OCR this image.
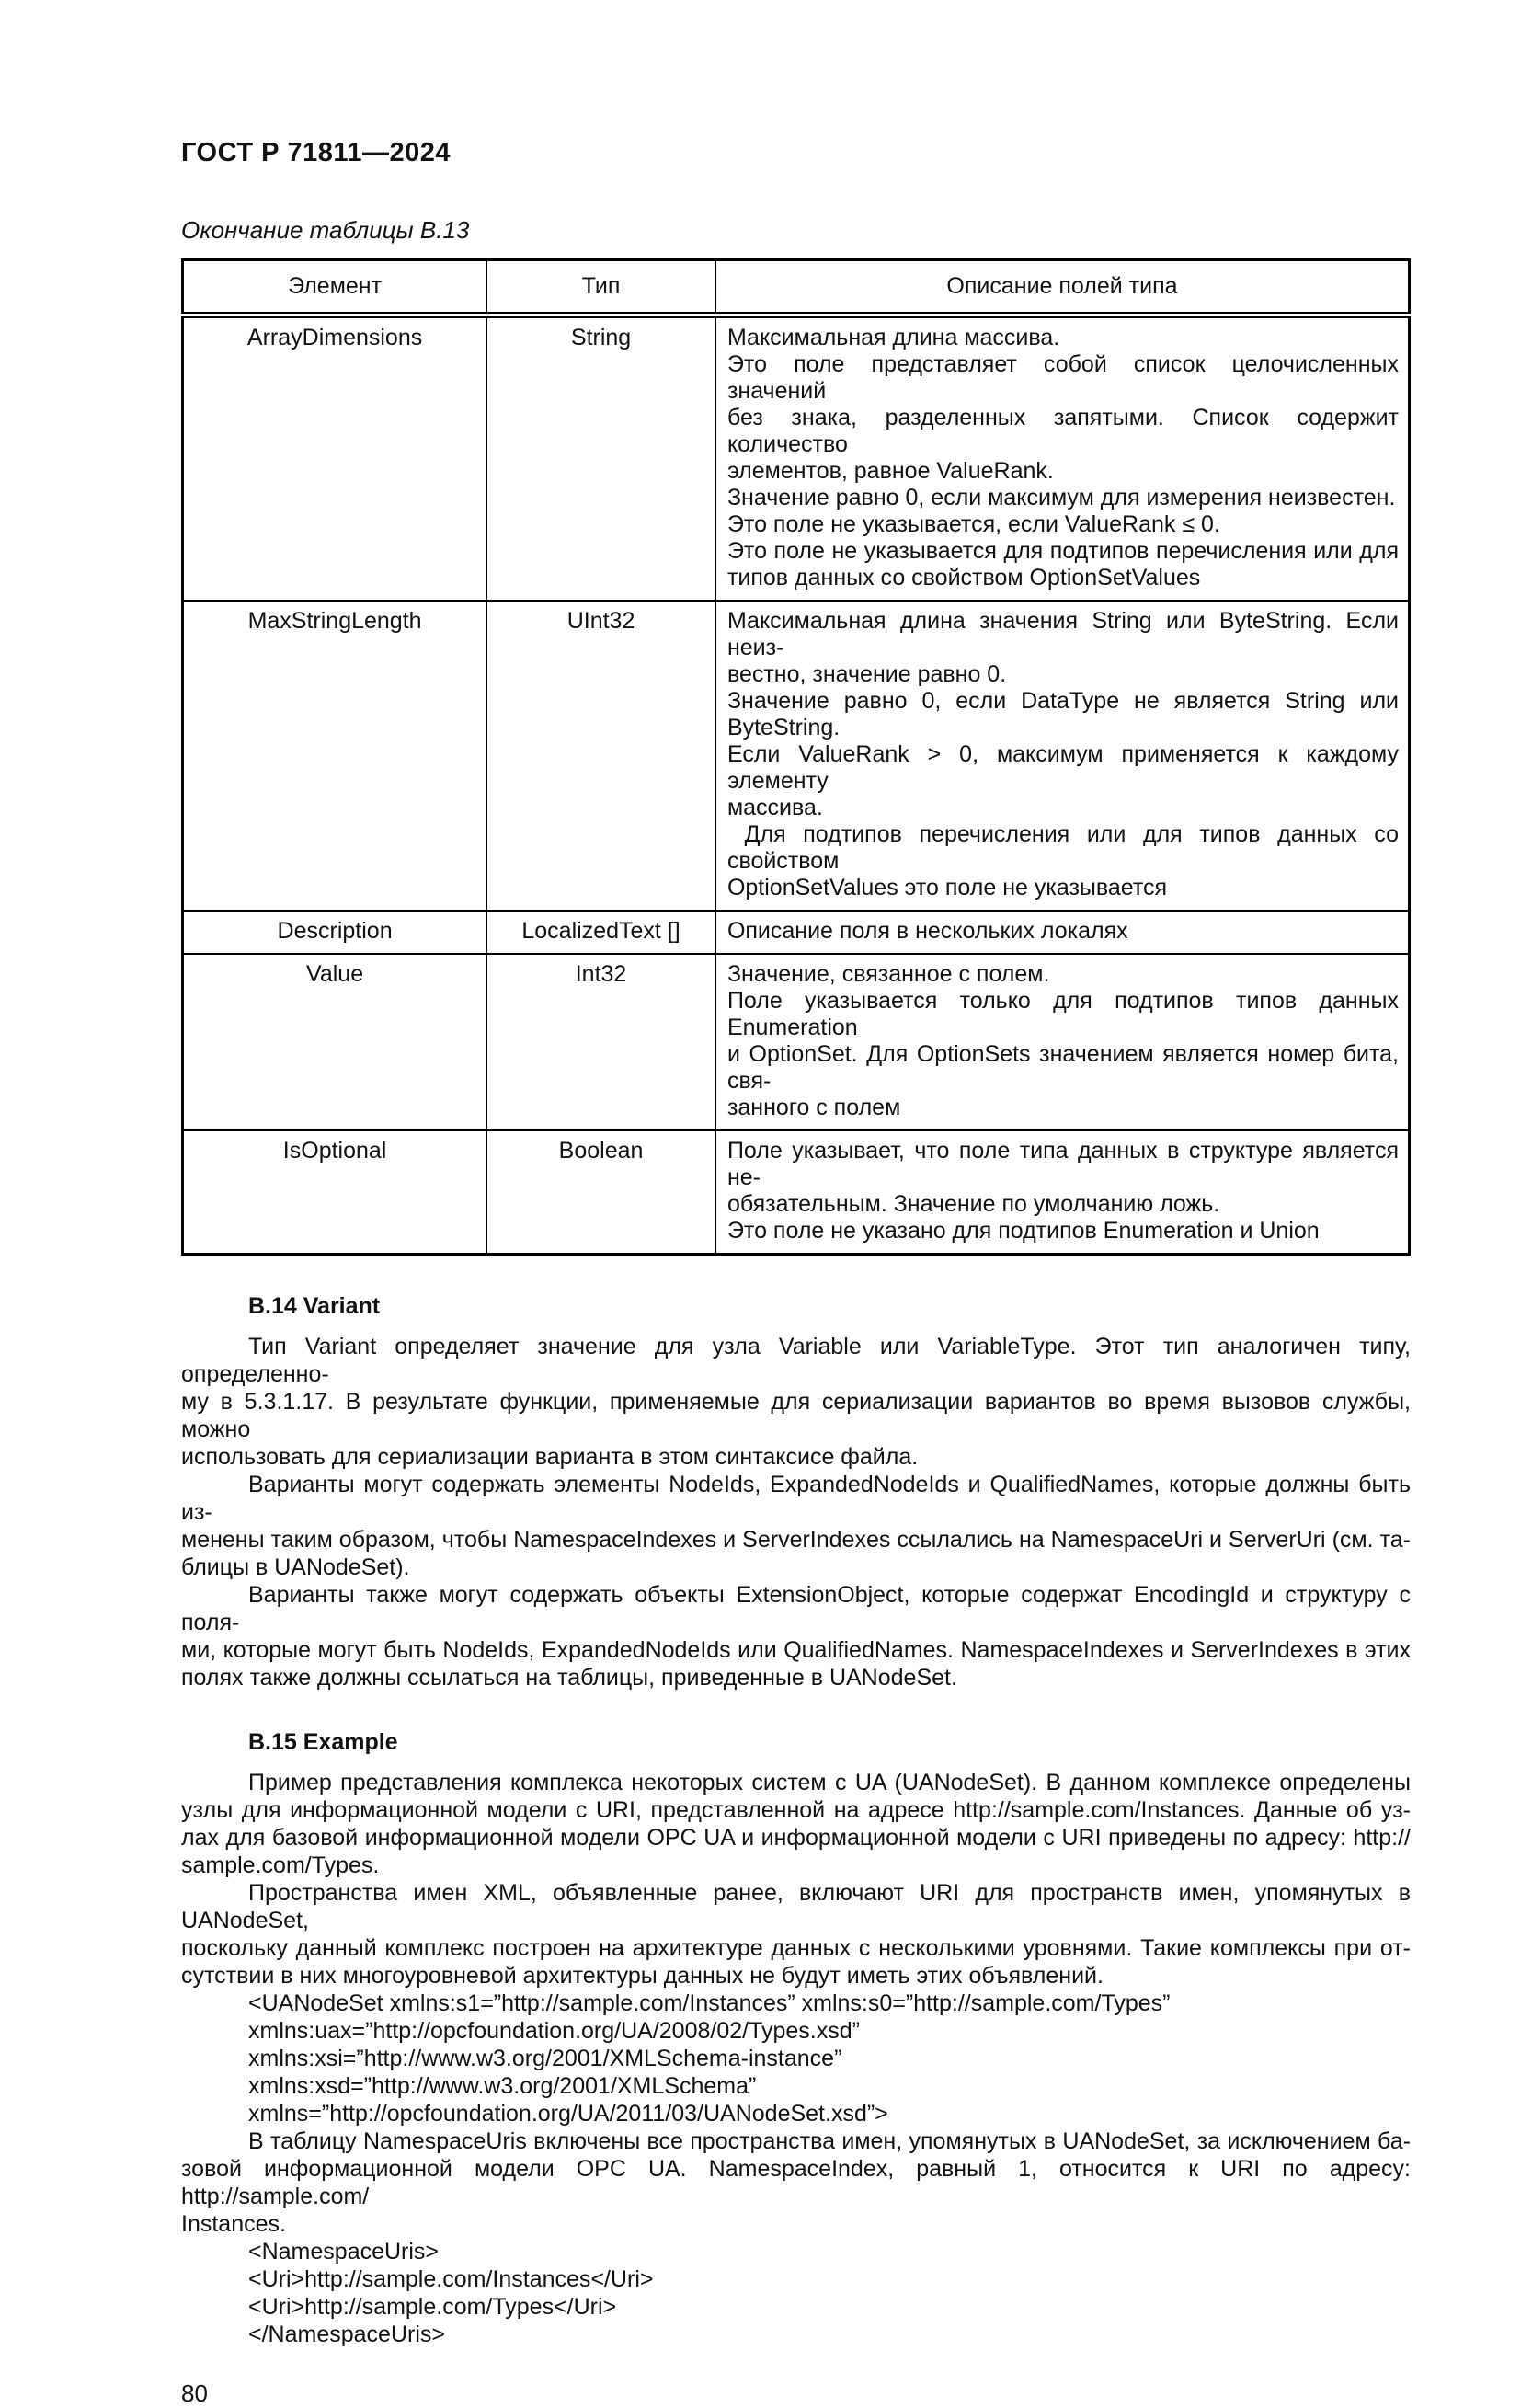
ГОСТ Р 71811—2024
Окончание таблицы В.13
Элемент	Тип	Описание полей типа
ArrayDimensions	String	Максимальная длина массива.
Это поле представляет собой список целочисленных значений
без знака, разделенных запятыми. Список содержит количество
элементов, равное ValueRank.
Значение равно 0, если максимум для измерения неизвестен.
Это поле не указывается, если ValueRank ≤ 0.
Это поле не указывается для подтипов перечисления или для
типов данных со свойством OptionSetValues

MaxStringLength	UInt32	Максимальная длина значения String или ByteString. Если неиз-
вестно, значение равно 0.
Значение равно 0, если DataType не является String или
ByteString.
Если ValueRank > 0, максимум применяется к каждому элементу
массива.
Для подтипов перечисления или для типов данных со свойством
OptionSetValues это поле не указывается

Description	LocalizedText []	Описание поля в нескольких локалях

Value	Int32	Значение, связанное с полем.
Поле указывается только для подтипов типов данных Enumeration
и OptionSet. Для OptionSets значением является номер бита, свя-
занного с полем

IsOptional	Boolean	Поле указывает, что поле типа данных в структуре является не-
обязательным. Значение по умолчанию ложь.
Это поле не указано для подтипов Enumeration и Union
В.14 Variant
Тип Variant определяет значение для узла Variable или VariableType. Этот тип аналогичен типу, определенно-
му в 5.3.1.17. В результате функции, применяемые для сериализации вариантов во время вызовов службы, можно
использовать для сериализации варианта в этом синтаксисе файла.
Варианты могут содержать элементы NodeIds, ExpandedNodeIds и QualifiedNames, которые должны быть из-
менены таким образом, чтобы NamespaceIndexes и ServerIndexes ссылались на NamespaceUri и ServerUri (см. та-
блицы в UANodeSet).
Варианты также могут содержать объекты ExtensionObject, которые содержат EncodingId и структуру с поля-
ми, которые могут быть NodeIds, ExpandedNodeIds или QualifiedNames. NamespaceIndexes и ServerIndexes в этих
полях также должны ссылаться на таблицы, приведенные в UANodeSet.
В.15 Example
Пример представления комплекса некоторых систем с UA (UANodeSet). В данном комплексе определены
узлы для информационной модели с URI, представленной на адресе http://sample.com/Instances. Данные об уз-
лах для базовой информационной модели OPC UA и информационной модели с URI приведены по адресу: http://
sample.com/Types.
Пространства имен XML, объявленные ранее, включают URI для пространств имен, упомянутых в UANodeSet,
поскольку данный комплекс построен на архитектуре данных с несколькими уровнями. Такие комплексы при от-
сутствии в них многоуровневой архитектуры данных не будут иметь этих объявлений.
<UANodeSet xmlns:s1=”http://sample.com/Instances” xmlns:s0=”http://sample.com/Types”
xmlns:uax=”http://opcfoundation.org/UA/2008/02/Types.xsd”
xmlns:xsi=”http://www.w3.org/2001/XMLSchema-instance”
xmlns:xsd=”http://www.w3.org/2001/XMLSchema”
xmlns=”http://opcfoundation.org/UA/2011/03/UANodeSet.xsd”>
В таблицу NamespaceUris включены все пространства имен, упомянутых в UANodeSet, за исключением ба-
зовой информационной модели OPC UA. NamespaceIndex, равный 1, относится к URI по адресу: http://sample.com/
Instances.
<NamespaceUris>
<Uri>http://sample.com/Instances</Uri>
<Uri>http://sample.com/Types</Uri>
</NamespaceUris>
80
